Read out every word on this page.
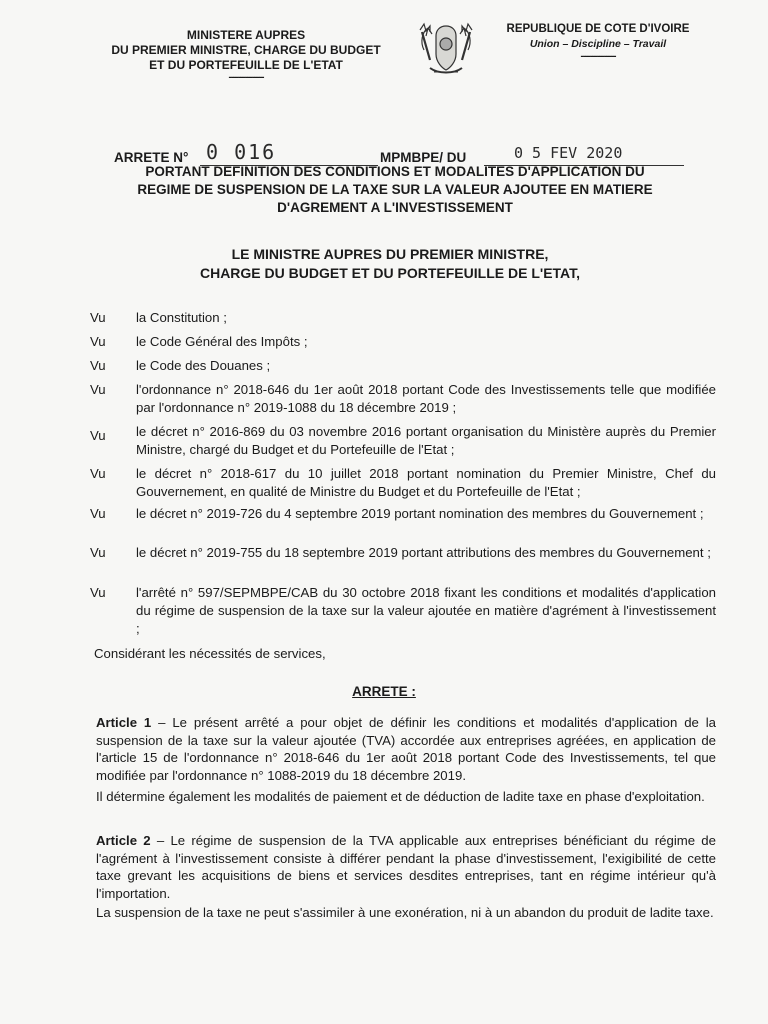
MINISTERE AUPRES
DU PREMIER MINISTRE, CHARGE DU BUDGET
ET DU PORTEFEUILLE DE L'ETAT
---------------
REPUBLIQUE DE COTE D'IVOIRE
Union – Discipline – Travail
---------------
ARRETE N° 0 016	MPMBPE/ DU	0 5 FEV 2020
PORTANT DEFINITION DES CONDITIONS ET MODALITES D'APPLICATION DU
REGIME DE SUSPENSION DE LA TAXE SUR LA VALEUR AJOUTEE EN MATIERE
D'AGREMENT A L'INVESTISSEMENT
LE MINISTRE AUPRES DU PREMIER MINISTRE,
CHARGE DU BUDGET ET DU PORTEFEUILLE DE L'ETAT,
Vu la Constitution ;
Vu le Code Général des Impôts ;
Vu le Code des Douanes ;
Vu l'ordonnance n° 2018-646 du 1er août 2018 portant Code des Investissements telle que modifiée par l'ordonnance n° 2019-1088 du 18 décembre 2019 ;
Vu le décret n° 2016-869 du 03 novembre 2016 portant organisation du Ministère auprès du Premier Ministre, chargé du Budget et du Portefeuille de l'Etat ;
Vu le décret n° 2018-617 du 10 juillet 2018 portant nomination du Premier Ministre, Chef du Gouvernement, en qualité de Ministre du Budget et du Portefeuille de l'Etat ;
Vu le décret n° 2019-726 du 4 septembre 2019 portant nomination des membres du Gouvernement ;
Vu le décret n° 2019-755 du 18 septembre 2019 portant attributions des membres du Gouvernement ;
Vu l'arrêté n° 597/SEPMBPE/CAB du 30 octobre 2018 fixant les conditions et modalités d'application du régime de suspension de la taxe sur la valeur ajoutée en matière d'agrément à l'investissement ;
Considérant les nécessités de services,
ARRETE :
Article 1 – Le présent arrêté a pour objet de définir les conditions et modalités d'application de la suspension de la taxe sur la valeur ajoutée (TVA) accordée aux entreprises agréées, en application de l'article 15 de l'ordonnance n° 2018-646 du 1er août 2018 portant Code des Investissements, tel que modifiée par l'ordonnance n° 1088-2019 du 18 décembre 2019.
Il détermine également les modalités de paiement et de déduction de ladite taxe en phase d'exploitation.
Article 2 – Le régime de suspension de la TVA applicable aux entreprises bénéficiant du régime de l'agrément à l'investissement consiste à différer pendant la phase d'investissement, l'exigibilité de cette taxe grevant les acquisitions de biens et services desdites entreprises, tant en régime intérieur qu'à l'importation.
La suspension de la taxe ne peut s'assimiler à une exonération, ni à un abandon du produit de ladite taxe.
